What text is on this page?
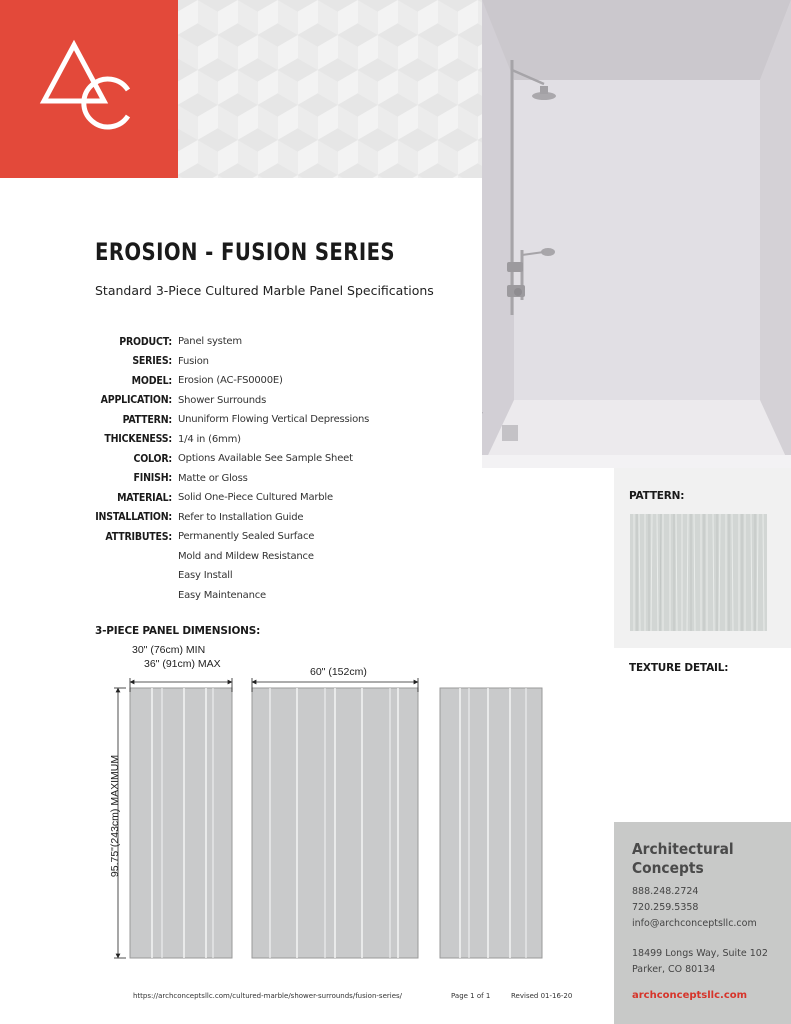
EROSION - FUSION SERIES
Standard 3-Piece Cultured Marble Panel Specifications
PRODUCT: Panel system
SERIES: Fusion
MODEL: Erosion (AC-FS0000E)
APPLICATION: Shower Surrounds
PATTERN: Ununiform Flowing Vertical Depressions
THICKENESS: 1/4 in (6mm)
COLOR: Options Available See Sample Sheet
FINISH: Matte or Gloss
MATERIAL: Solid One-Piece Cultured Marble
INSTALLATION: Refer to Installation Guide
ATTRIBUTES: Permanently Sealed Surface
Mold and Mildew Resistance
Easy Install
Easy Maintenance
3-PIECE PANEL DIMENSIONS:
30" (76cm) MIN
36" (91cm) MAX
60" (152cm)
95.75"(243cm) MAXIMUM
PATTERN:
TEXTURE DETAIL:
Architectural
Concepts
888.248.2724
720.259.5358
info@archconceptsllc.com
18499 Longs Way, Suite 102
Parker, CO 80134
archconceptsllc.com
https://archconceptsllc.com/cultured-marble/shower-surrounds/fusion-series/	Page 1 of 1	Revised 01-16-20
